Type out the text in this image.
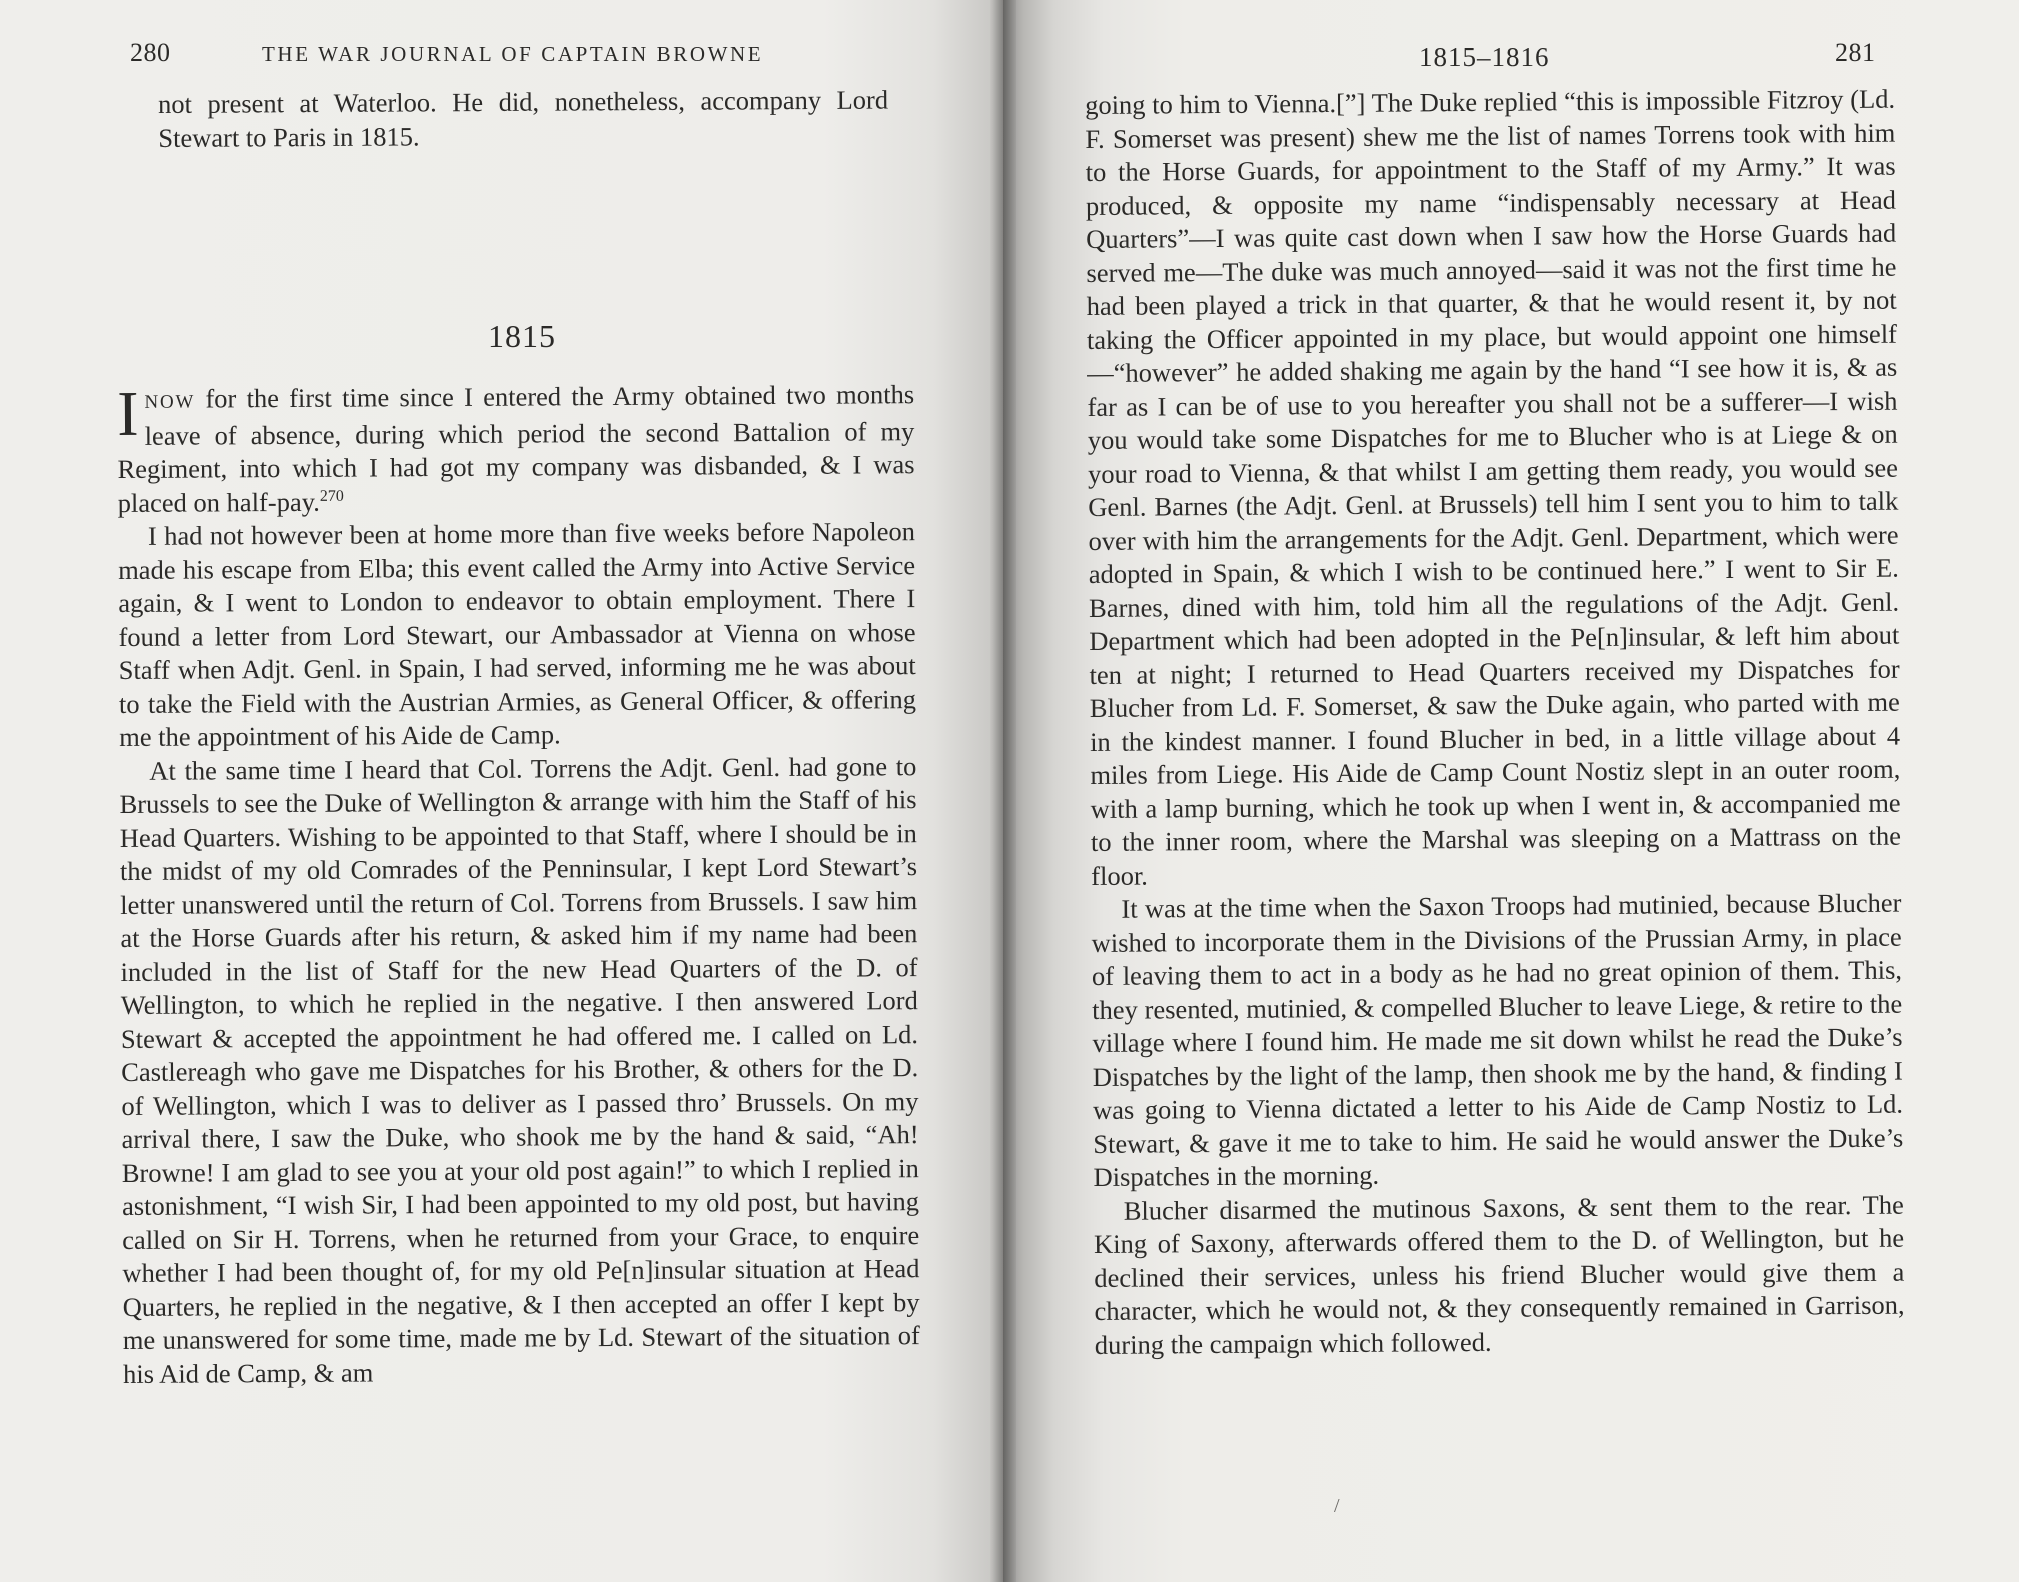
280	THE WAR JOURNAL OF CAPTAIN BROWNE

not present at Waterloo. He did, nonetheless, accompany Lord Stewart to Paris in 1815.

1815

INOW for the first time since I entered the Army obtained two months leave of absence, during which period the second Battalion of my Regiment, into which I had got my company was disbanded, & I was placed on half-pay.$^{270}$

I had not however been at home more than five weeks before Napoleon made his escape from Elba; this event called the Army into Active Service again, & I went to London to endeavor to obtain employment. There I found a letter from Lord Stewart, our Ambassador at Vienna on whose Staff when Adjt. Genl. in Spain, I had served, informing me he was about to take the Field with the Austrian Armies, as General Officer, & offering me the appointment of his Aide de Camp.

At the same time I heard that Col. Torrens the Adjt. Genl. had gone to Brussels to see the Duke of Wellington & arrange with him the Staff of his Head Quarters. Wishing to be appointed to that Staff, where I should be in the midst of my old Comrades of the Penninsular, I kept Lord Stewart’s letter unanswered until the return of Col. Torrens from Brussels. I saw him at the Horse Guards after his return, & asked him if my name had been included in the list of Staff for the new Head Quarters of the D. of Wellington, to which he replied in the negative. I then answered Lord Stewart & accepted the appointment he had offered me. I called on Ld. Castlereagh who gave me Dispatches for his Brother, & others for the D. of Wellington, which I was to deliver as I passed thro’ Brussels. On my arrival there, I saw the Duke, who shook me by the hand & said, “Ah! Browne! I am glad to see you at your old post again!” to which I replied in astonishment, “I wish Sir, I had been appointed to my old post, but having called on Sir H. Torrens, when he returned from your Grace, to enquire whether I had been thought of, for my old Pe[n]insular situation at Head Quarters, he replied in the negative, & I then accepted an offer I kept by me unanswered for some time, made me by Ld. Stewart of the situation of his Aid de Camp, & am

1815–1816	281

going to him to Vienna.[”] The Duke replied “this is impossible Fitzroy (Ld. F. Somerset was present) shew me the list of names Torrens took with him to the Horse Guards, for appointment to the Staff of my Army.” It was produced, & opposite my name “indispensably necessary at Head Quarters”—I was quite cast down when I saw how the Horse Guards had served me—The duke was much annoyed—said it was not the first time he had been played a trick in that quarter, & that he would resent it, by not taking the Officer appointed in my place, but would appoint one himself—“however” he added shaking me again by the hand “I see how it is, & as far as I can be of use to you hereafter you shall not be a sufferer—I wish you would take some Dispatches for me to Blucher who is at Liege & on your road to Vienna, & that whilst I am getting them ready, you would see Genl. Barnes (the Adjt. Genl. at Brussels) tell him I sent you to him to talk over with him the arrangements for the Adjt. Genl. Department, which were adopted in Spain, & which I wish to be continued here.” I went to Sir E. Barnes, dined with him, told him all the regulations of the Adjt. Genl. Department which had been adopted in the Pe[n]insular, & left him about ten at night; I returned to Head Quarters received my Dispatches for Blucher from Ld. F. Somerset, & saw the Duke again, who parted with me in the kindest manner. I found Blucher in bed, in a little village about 4 miles from Liege. His Aide de Camp Count Nostiz slept in an outer room, with a lamp burning, which he took up when I went in, & accompanied me to the inner room, where the Marshal was sleeping on a Mattrass on the floor.

It was at the time when the Saxon Troops had mutinied, because Blucher wished to incorporate them in the Divisions of the Prussian Army, in place of leaving them to act in a body as he had no great opinion of them. This, they resented, mutinied, & compelled Blucher to leave Liege, & retire to the village where I found him. He made me sit down whilst he read the Duke’s Dispatches by the light of the lamp, then shook me by the hand, & finding I was going to Vienna dictated a letter to his Aide de Camp Nostiz to Ld. Stewart, & gave it me to take to him. He said he would answer the Duke’s Dispatches in the morning.

Blucher disarmed the mutinous Saxons, & sent them to the rear. The King of Saxony, afterwards offered them to the D. of Wellington, but he declined their services, unless his friend Blucher would give them a character, which he would not, & they consequently remained in Garrison, during the campaign which followed.

/
